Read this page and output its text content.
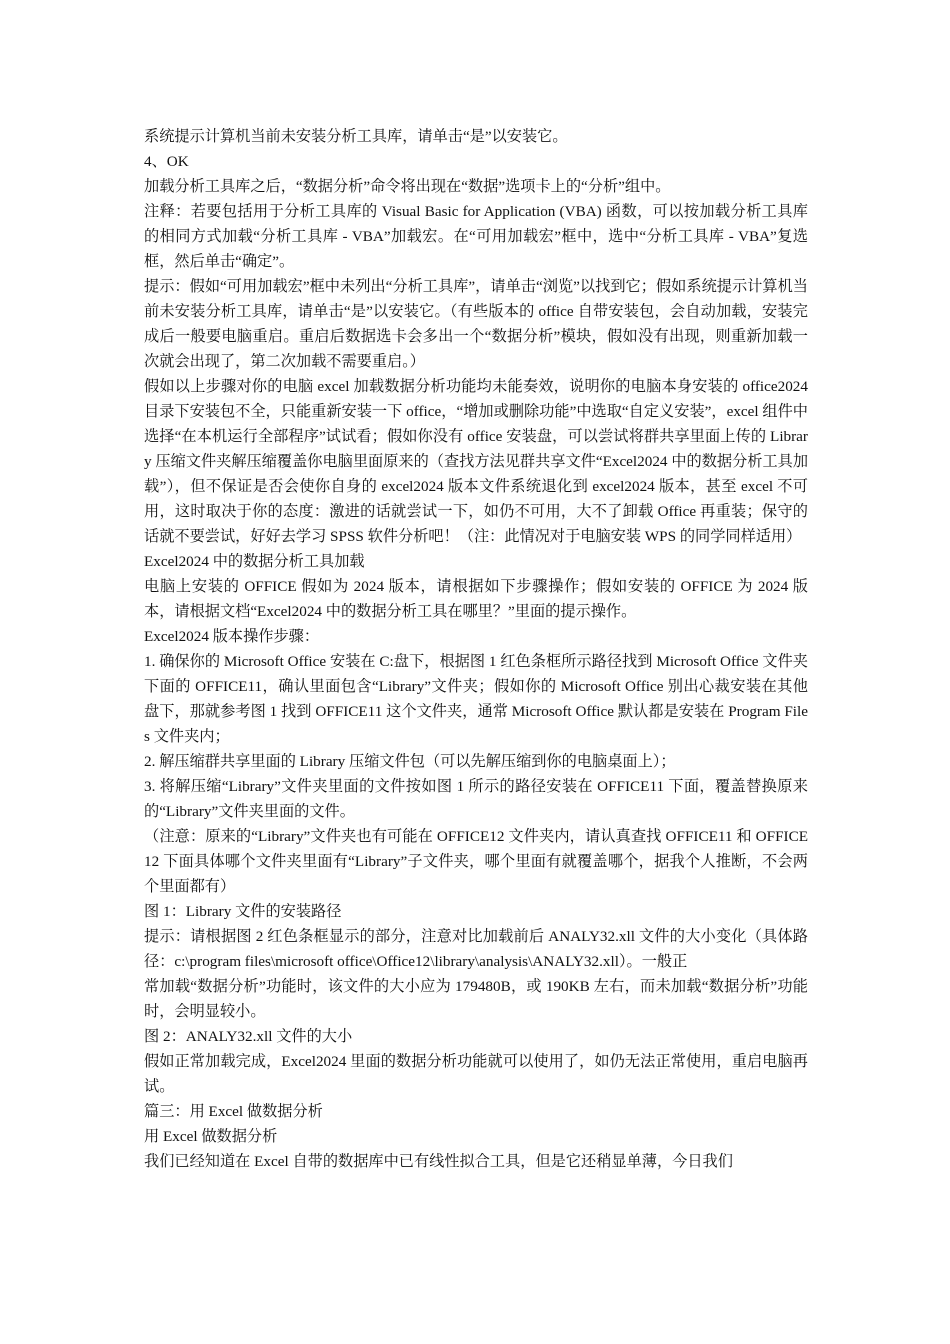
系统提示计算机当前未安装分析工具库，请单击“是”以安装它。

4、OK

加载分析工具库之后，“数据分析”命令将出现在“数据”选项卡上的“分析”组中。

注释：若要包括用于分析工具库的 Visual Basic for Application (VBA) 函数，可以按加载分析工具库的相同方式加载“分析工具库 - VBA”加载宏。在“可用加载宏”框中，选中“分析工具库 - VBA”复选框，然后单击“确定”。

提示：假如“可用加载宏”框中未列出“分析工具库”，请单击“浏览”以找到它；假如系统提示计算机当前未安装分析工具库，请单击“是”以安装它。（有些版本的 office 自带安装包，会自动加载，安装完成后一般要电脑重启。重启后数据选卡会多出一个“数据分析”模块，假如没有出现，则重新加载一次就会出现了，第二次加载不需要重启。）

假如以上步骤对你的电脑 excel 加载数据分析功能均未能奏效，说明你的电脑本身安装的 office2024 目录下安装包不全，只能重新安装一下 office，“增加或删除功能”中选取“自定义安装”，excel 组件中选择“在本机运行全部程序”试试看；假如你没有 office 安装盘，可以尝试将群共享里面上传的 Library 压缩文件夹解压缩覆盖你电脑里面原来的（查找方法见群共享文件“Excel2024 中的数据分析工具加载”），但不保证是否会使你自身的 excel2024 版本文件系统退化到 excel2024 版本，甚至 excel 不可用，这时取决于你的态度：激进的话就尝试一下，如仍不可用，大不了卸载 Office 再重装；保守的话就不要尝试，好好去学习 SPSS 软件分析吧！（注：此情况对于电脑安装 WPS 的同学同样适用）

Excel2024 中的数据分析工具加载

电脑上安装的 OFFICE 假如为 2024 版本，请根据如下步骤操作；假如安装的 OFFICE 为 2024 版本，请根据文档“Excel2024 中的数据分析工具在哪里？”里面的提示操作。

Excel2024 版本操作步骤：

1. 确保你的 Microsoft Office 安装在 C:盘下，根据图 1 红色条框所示路径找到 Microsoft Office 文件夹下面的 OFFICE11，确认里面包含“Library”文件夹；假如你的 Microsoft Office 别出心裁安装在其他盘下，那就参考图 1 找到 OFFICE11 这个文件夹，通常 Microsoft Office 默认都是安装在 Program Files 文件夹内；

2. 解压缩群共享里面的 Library 压缩文件包（可以先解压缩到你的电脑桌面上）；

3. 将解压缩“Library”文件夹里面的文件按如图 1 所示的路径安装在 OFFICE11 下面，覆盖替换原来的“Library”文件夹里面的文件。

（注意：原来的“Library”文件夹也有可能在 OFFICE12 文件夹内，请认真查找 OFFICE11 和 OFFICE12 下面具体哪个文件夹里面有“Library”子文件夹，哪个里面有就覆盖哪个，据我个人推断，不会两个里面都有）

图 1：Library 文件的安装路径

提示：请根据图 2 红色条框显示的部分，注意对比加载前后 ANALY32.xll 文件的大小变化（具体路径：c:\program files\microsoft office\Office12\library\analysis\ANALY32.xll）。一般正

常加载“数据分析”功能时，该文件的大小应为 179480B，或 190KB 左右，而未加载“数据分析”功能时，会明显较小。

图 2：ANALY32.xll 文件的大小

假如正常加载完成，Excel2024 里面的数据分析功能就可以使用了，如仍无法正常使用，重启电脑再试。

篇三：用 Excel 做数据分析

用 Excel 做数据分析

我们已经知道在 Excel 自带的数据库中已有线性拟合工具，但是它还稍显单薄，今日我们
